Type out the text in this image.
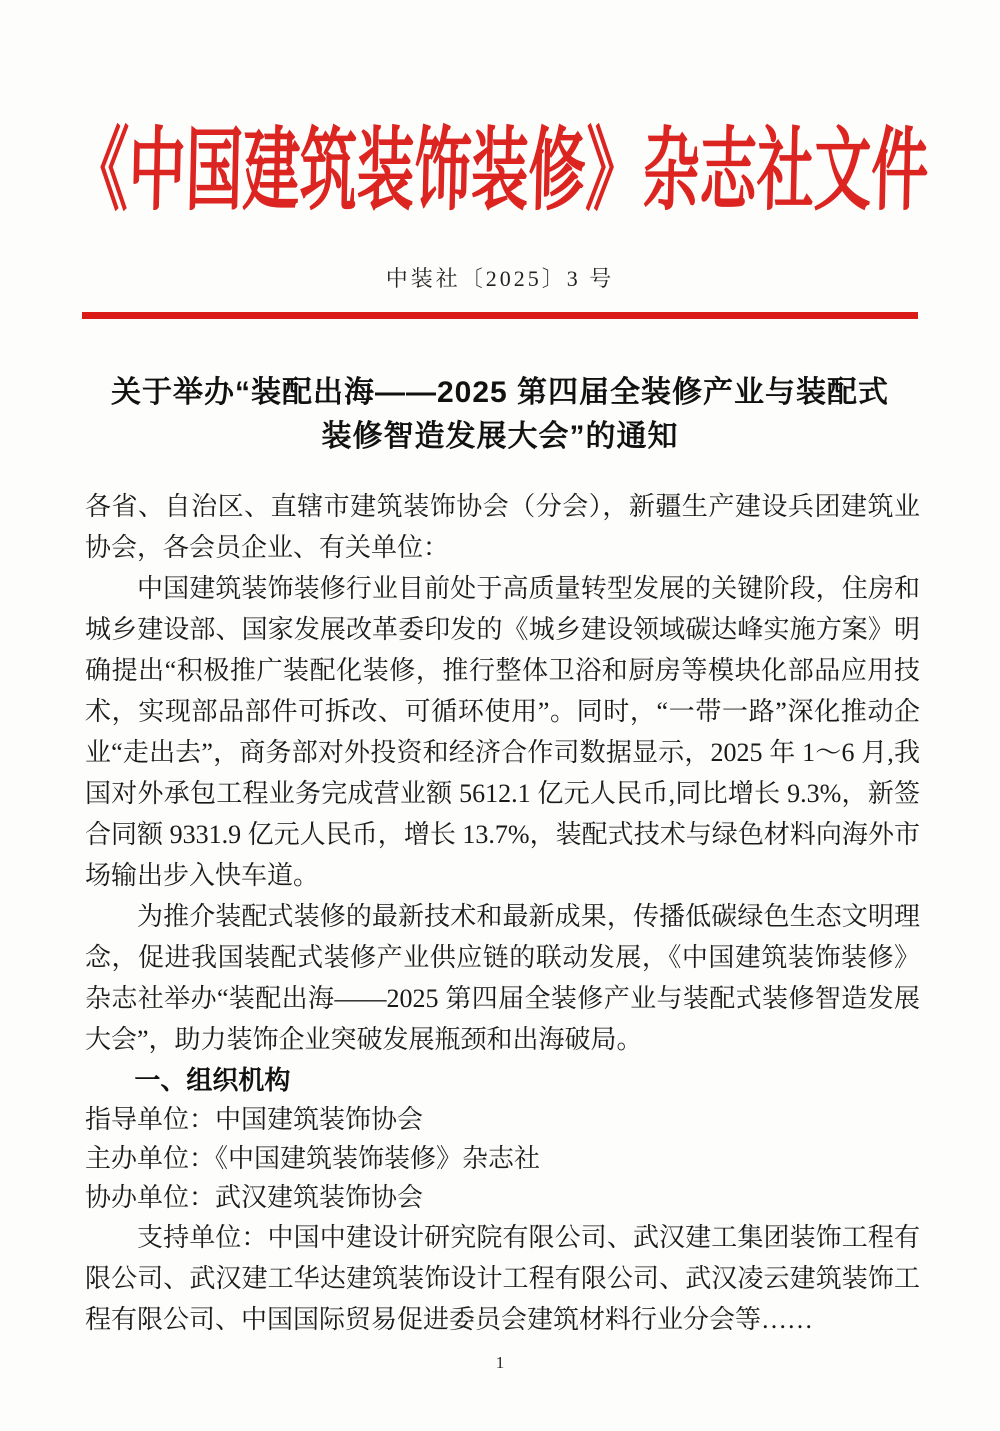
《中国建筑装饰装修》杂志社文件
中装社〔2025〕3 号
关于举办“装配出海——2025 第四届全装修产业与装配式
装修智造发展大会”的通知

各省、自治区、直辖市建筑装饰协会（分会），新疆生产建设兵团建筑业协会，各会员企业、有关单位：

中国建筑装饰装修行业目前处于高质量转型发展的关键阶段，住房和城乡建设部、国家发展改革委印发的《城乡建设领域碳达峰实施方案》明确提出“积极推广装配化装修，推行整体卫浴和厨房等模块化部品应用技术，实现部品部件可拆改、可循环使用”。同时，“一带一路”深化推动企业“走出去”，商务部对外投资和经济合作司数据显示，2025 年 1～6 月,我国对外承包工程业务完成营业额 5612.1 亿元人民币,同比增长 9.3%，新签合同额 9331.9 亿元人民币，增长 13.7%，装配式技术与绿色材料向海外市场输出步入快车道。

为推介装配式装修的最新技术和最新成果，传播低碳绿色生态文明理念，促进我国装配式装修产业供应链的联动发展，《中国建筑装饰装修》杂志社举办“装配出海——2025 第四届全装修产业与装配式装修智造发展大会”，助力装饰企业突破发展瓶颈和出海破局。

一、组织机构

指导单位：中国建筑装饰协会

主办单位：《中国建筑装饰装修》杂志社

协办单位：武汉建筑装饰协会

支持单位：中国中建设计研究院有限公司、武汉建工集团装饰工程有限公司、武汉建工华达建筑装饰设计工程有限公司、武汉凌云建筑装饰工程有限公司、中国国际贸易促进委员会建筑材料行业分会等……

1
